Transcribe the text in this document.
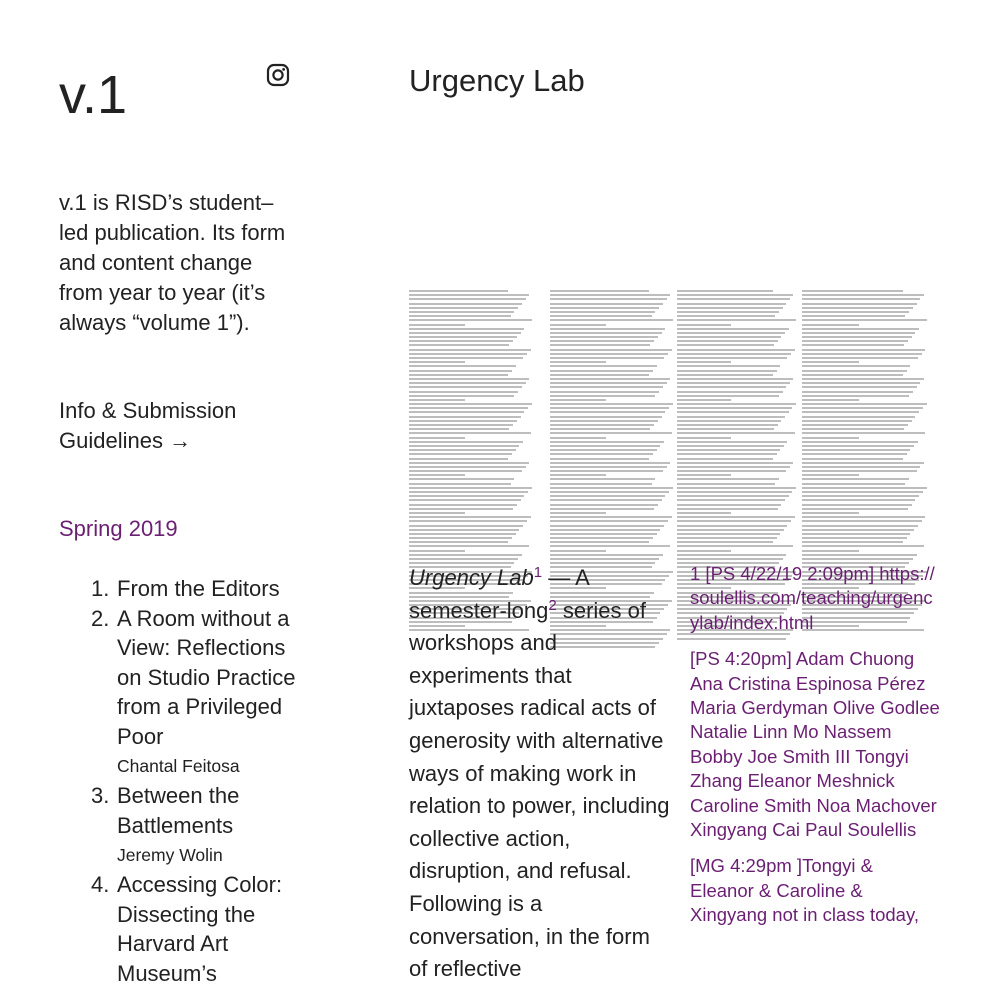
v.1
v.1 is RISD’s student–led publication. Its form and content change from year to year (it’s always “volume 1”).
Info & Submission Guidelines →
Spring 2019
1. From the Editors
2. A Room without a View: Reflections on Studio Practice from a Privileged Poor
Chantal Feitosa
3. Between the Battlements
Jeremy Wolin
4. Accessing Color: Dissecting the Harvard Art Museum’s
Urgency Lab
Urgency Lab$^1$ — A semester-long$^2$ series of workshops and experiments that juxtaposes radical acts of generosity with alternative ways of making work in relation to power, including collective action, disruption, and refusal. Following is a conversation, in the form of reflective

1 [PS 4/22/19 2:09pm] https://soulellis.com/teaching/urgencylab/index.html

[PS 4:20pm] Adam Chuong Ana Cristina Espinosa Pérez Maria Gerdyman Olive Godlee Natalie Linn Mo Nassem Bobby Joe Smith III Tongyi Zhang Eleanor Meshnick Caroline Smith Noa Machover Xingyang Cai Paul Soulellis

[MG 4:29pm ]Tongyi & Eleanor & Caroline & Xingyang not in class today,
